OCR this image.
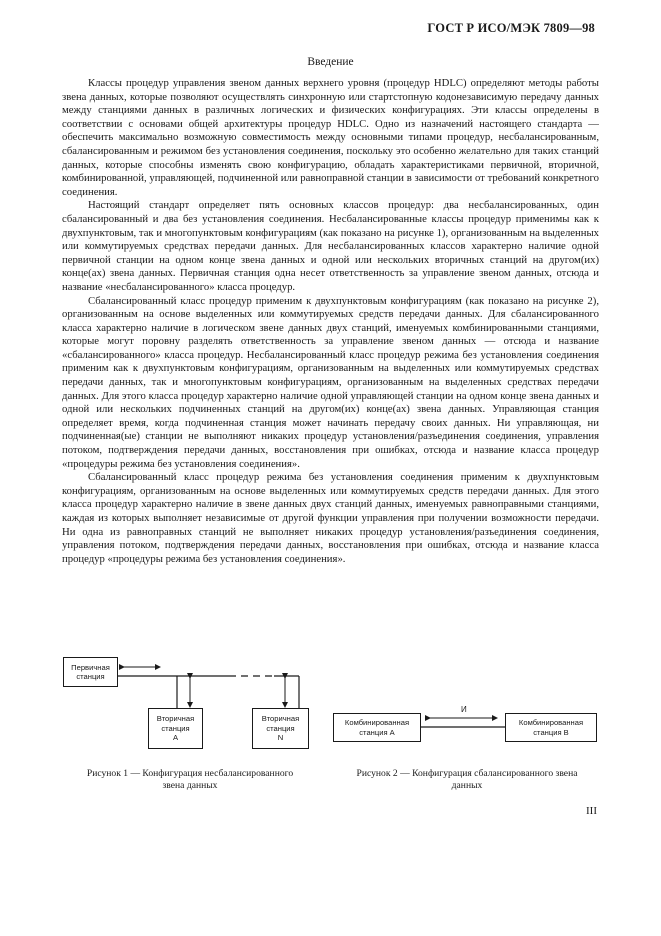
ГОСТ Р ИСО/МЭК 7809—98
Введение

Классы процедур управления звеном данных верхнего уровня (процедур HDLC) определяют методы работы звена данных, которые позволяют осуществлять синхронную или стартстопную кодонезависимую передачу данных между станциями данных в различных логических и физических конфигурациях. Эти классы определены в соответствии с основами общей архитектуры процедур HDLC. Одно из назначений настоящего стандарта — обеспечить максимально возможную совместимость между основными типами процедур, несбалансированным, сбалансированным и режимом без установления соединения, поскольку это особенно желательно для таких станций данных, которые способны изменять свою конфигурацию, обладать характеристиками первичной, вторичной, комбинированной, управляющей, подчиненной или равноправной станции в зависимости от требований конкретного соединения.

Настоящий стандарт определяет пять основных классов процедур: два несбалансированных, один сбалансированный и два без установления соединения. Несбалансированные классы процедур применимы как к двухпунктовым, так и многопунктовым конфигурациям (как показано на рисунке 1), организованным на выделенных или коммутируемых средствах передачи данных. Для несбалансированных классов характерно наличие одной первичной станции на одном конце звена данных и одной или нескольких вторичных станций на другом(их) конце(ах) звена данных. Первичная станция одна несет ответственность за управление звеном данных, отсюда и название «несбалансированного» класса процедур.

Сбалансированный класс процедур применим к двухпунктовым конфигурациям (как показано на рисунке 2), организованным на основе выделенных или коммутируемых средств передачи данных. Для сбалансированного класса характерно наличие в логическом звене данных двух станций, именуемых комбинированными станциями, которые могут поровну разделять ответственность за управление звеном данных — отсюда и название «сбалансированного» класса процедур. Несбалансированный класс процедур режима без установления соединения применим как к двухпунктовым конфигурациям, организованным на выделенных или коммутируемых средствах передачи данных, так и многопунктовым конфигурациям, организованным на выделенных средствах передачи данных. Для этого класса процедур характерно наличие одной управляющей станции на одном конце звена данных и одной или нескольких подчиненных станций на другом(их) конце(ах) звена данных. Управляющая станция определяет время, когда подчиненная станция может начинать передачу своих данных. Ни управляющая, ни подчиненная(ые) станции не выполняют никаких процедур установления/разъединения соединения, управления потоком, подтверждения передачи данных, восстановления при ошибках, отсюда и название класса процедур «процедуры режима без установления соединения».

Сбалансированный класс процедур режима без установления соединения применим к двухпунктовым конфигурациям, организованным на основе выделенных или коммутируемых средств передачи данных. Для этого класса процедур характерно наличие в звене данных двух станций данных, именуемых равноправными станциями, каждая из которых выполняет независимые от другой функции управления при получении возможности передачи. Ни одна из равноправных станций не выполняет никаких процедур установления/разъединения соединения, управления потоком, подтверждения передачи данных, восстановления при ошибках, отсюда и название класса процедур «процедуры режима без установления соединения».

Первичная
станция
Вторичная
станция
А
Вторичная
станция
N
Рисунок 1 — Конфигурация несбалансированного
звена данных
Комбинированная
станция А
И
Комбинированная
станция В
Рисунок 2 — Конфигурация сбалансированного звена
данных
III
